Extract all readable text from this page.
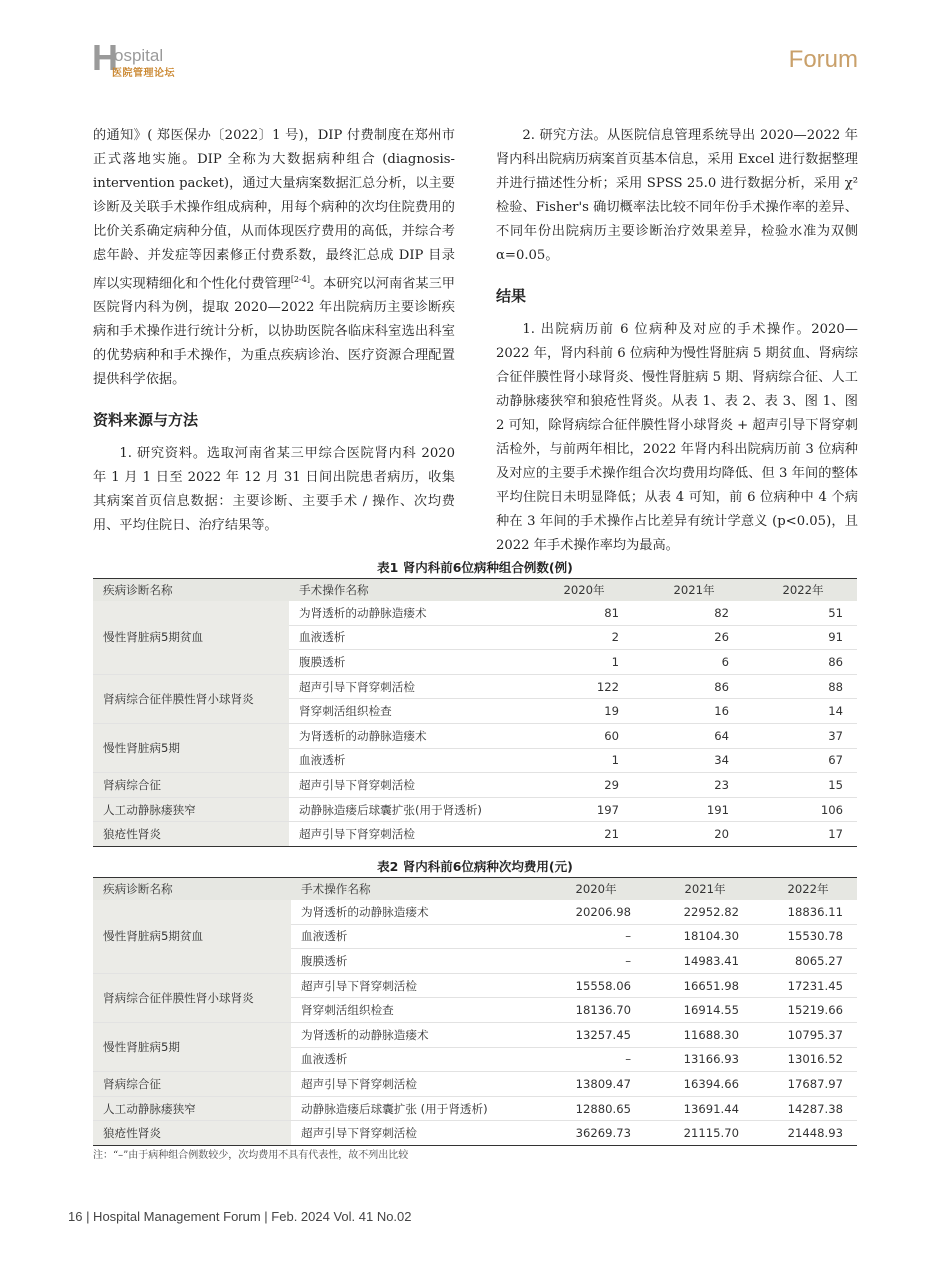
H
ospital
医院管理论坛
Forum

的通知》( 郑医保办〔2022〕1 号)，DIP 付费制度在郑州市正式落地实施。DIP 全称为大数据病种组合 (diagnosis-intervention packet)，通过大量病案数据汇总分析，以主要诊断及关联手术操作组成病种，用每个病种的次均住院费用的比价关系确定病种分值，从而体现医疗费用的高低，并综合考虑年龄、并发症等因素修正付费系数，最终汇总成 DIP 目录库以实现精细化和个性化付费管理[2-4]。本研究以河南省某三甲医院肾内科为例，提取 2020—2022 年出院病历主要诊断疾病和手术操作进行统计分析，以协助医院各临床科室选出科室的优势病种和手术操作，为重点疾病诊治、医疗资源合理配置提供科学依据。

资料来源与方法

1. 研究资料。选取河南省某三甲综合医院肾内科 2020 年 1 月 1 日至 2022 年 12 月 31 日间出院患者病历，收集其病案首页信息数据：主要诊断、主要手术 / 操作、次均费用、平均住院日、治疗结果等。

2. 研究方法。从医院信息管理系统导出 2020—2022 年肾内科出院病历病案首页基本信息，采用 Excel 进行数据整理并进行描述性分析；采用 SPSS 25.0 进行数据分析，采用 χ² 检验、Fisher's 确切概率法比较不同年份手术操作率的差异、不同年份出院病历主要诊断治疗效果差异，检验水准为双侧 α=0.05。

结果

1. 出院病历前 6 位病种及对应的手术操作。2020—2022 年，肾内科前 6 位病种为慢性肾脏病 5 期贫血、肾病综合征伴膜性肾小球肾炎、慢性肾脏病 5 期、肾病综合征、人工动静脉瘘狭窄和狼疮性肾炎。从表 1、表 2、表 3、图 1、图 2 可知，除肾病综合征伴膜性肾小球肾炎 + 超声引导下肾穿刺活检外，与前两年相比，2022 年肾内科出院病历前 3 位病种及对应的主要手术操作组合次均费用均降低、但 3 年间的整体平均住院日未明显降低；从表 4 可知，前 6 位病种中 4 个病种在 3 年间的手术操作占比差异有统计学意义 (p<0.05)，且 2022 年手术操作率均为最高。

表1 肾内科前6位病种组合例数(例)
疾病诊断名称	手术操作名称	2020年	2021年	2022年
慢性肾脏病5期贫血	为肾透析的动静脉造瘘术	81	82	51
	血液透析	2	26	91
	腹膜透析	1	6	86
肾病综合征伴膜性肾小球肾炎	超声引导下肾穿刺活检	122	86	88
	肾穿刺活组织检查	19	16	14
慢性肾脏病5期	为肾透析的动静脉造瘘术	60	64	37
	血液透析	1	34	67
肾病综合征	超声引导下肾穿刺活检	29	23	15
人工动静脉瘘狭窄	动静脉造瘘后球囊扩张(用于肾透析)	197	191	106
狼疮性肾炎	超声引导下肾穿刺活检	21	20	17
表2 肾内科前6位病种次均费用(元)
疾病诊断名称	手术操作名称	2020年	2021年	2022年
慢性肾脏病5期贫血	为肾透析的动静脉造瘘术	20206.98	22952.82	18836.11
	血液透析	–	18104.30	15530.78
	腹膜透析	–	14983.41	8065.27
肾病综合征伴膜性肾小球肾炎	超声引导下肾穿刺活检	15558.06	16651.98	17231.45
	肾穿刺活组织检查	18136.70	16914.55	15219.66
慢性肾脏病5期	为肾透析的动静脉造瘘术	13257.45	11688.30	10795.37
	血液透析	–	13166.93	13016.52
肾病综合征	超声引导下肾穿刺活检	13809.47	16394.66	17687.97
人工动静脉瘘狭窄	动静脉造瘘后球囊扩张 (用于肾透析)	12880.65	13691.44	14287.38
狼疮性肾炎	超声引导下肾穿刺活检	36269.73	21115.70	21448.93
注：“–”由于病种组合例数较少，次均费用不具有代表性，故不列出比较
16 | Hospital Management Forum | Feb. 2024 Vol. 41 No.02
